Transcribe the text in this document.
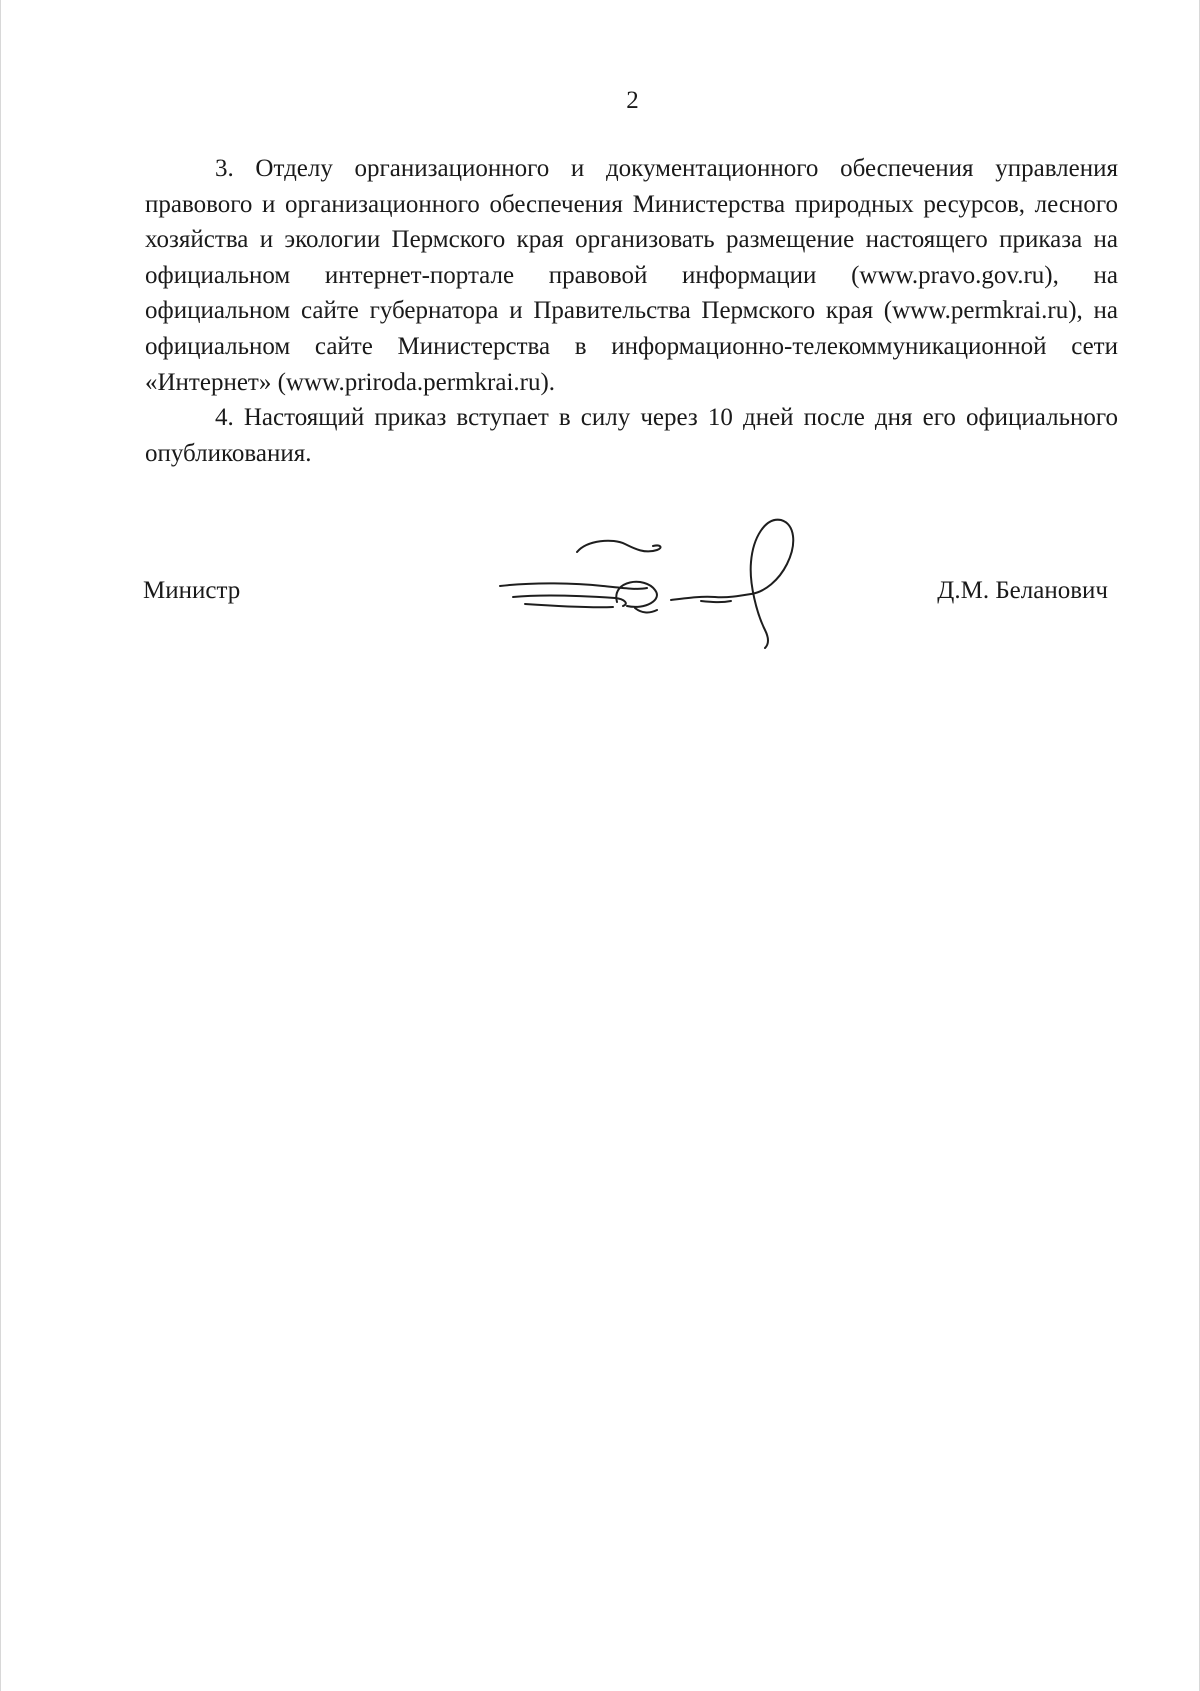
2

3. Отделу организационного и документационного обеспечения управления правового и организационного обеспечения Министерства природных ресурсов, лесного хозяйства и экологии Пермского края организовать размещение настоящего приказа на официальном интернет-портале правовой информации (www.pravo.gov.ru), на официальном сайте губернатора и Правительства Пермского края (www.permkrai.ru), на официальном сайте Министерства в информационно-телекоммуникационной сети «Интернет» (www.priroda.permkrai.ru).

4. Настоящий приказ вступает в силу через 10 дней после дня его официального опубликования.

Министр	Д.М. Беланович
